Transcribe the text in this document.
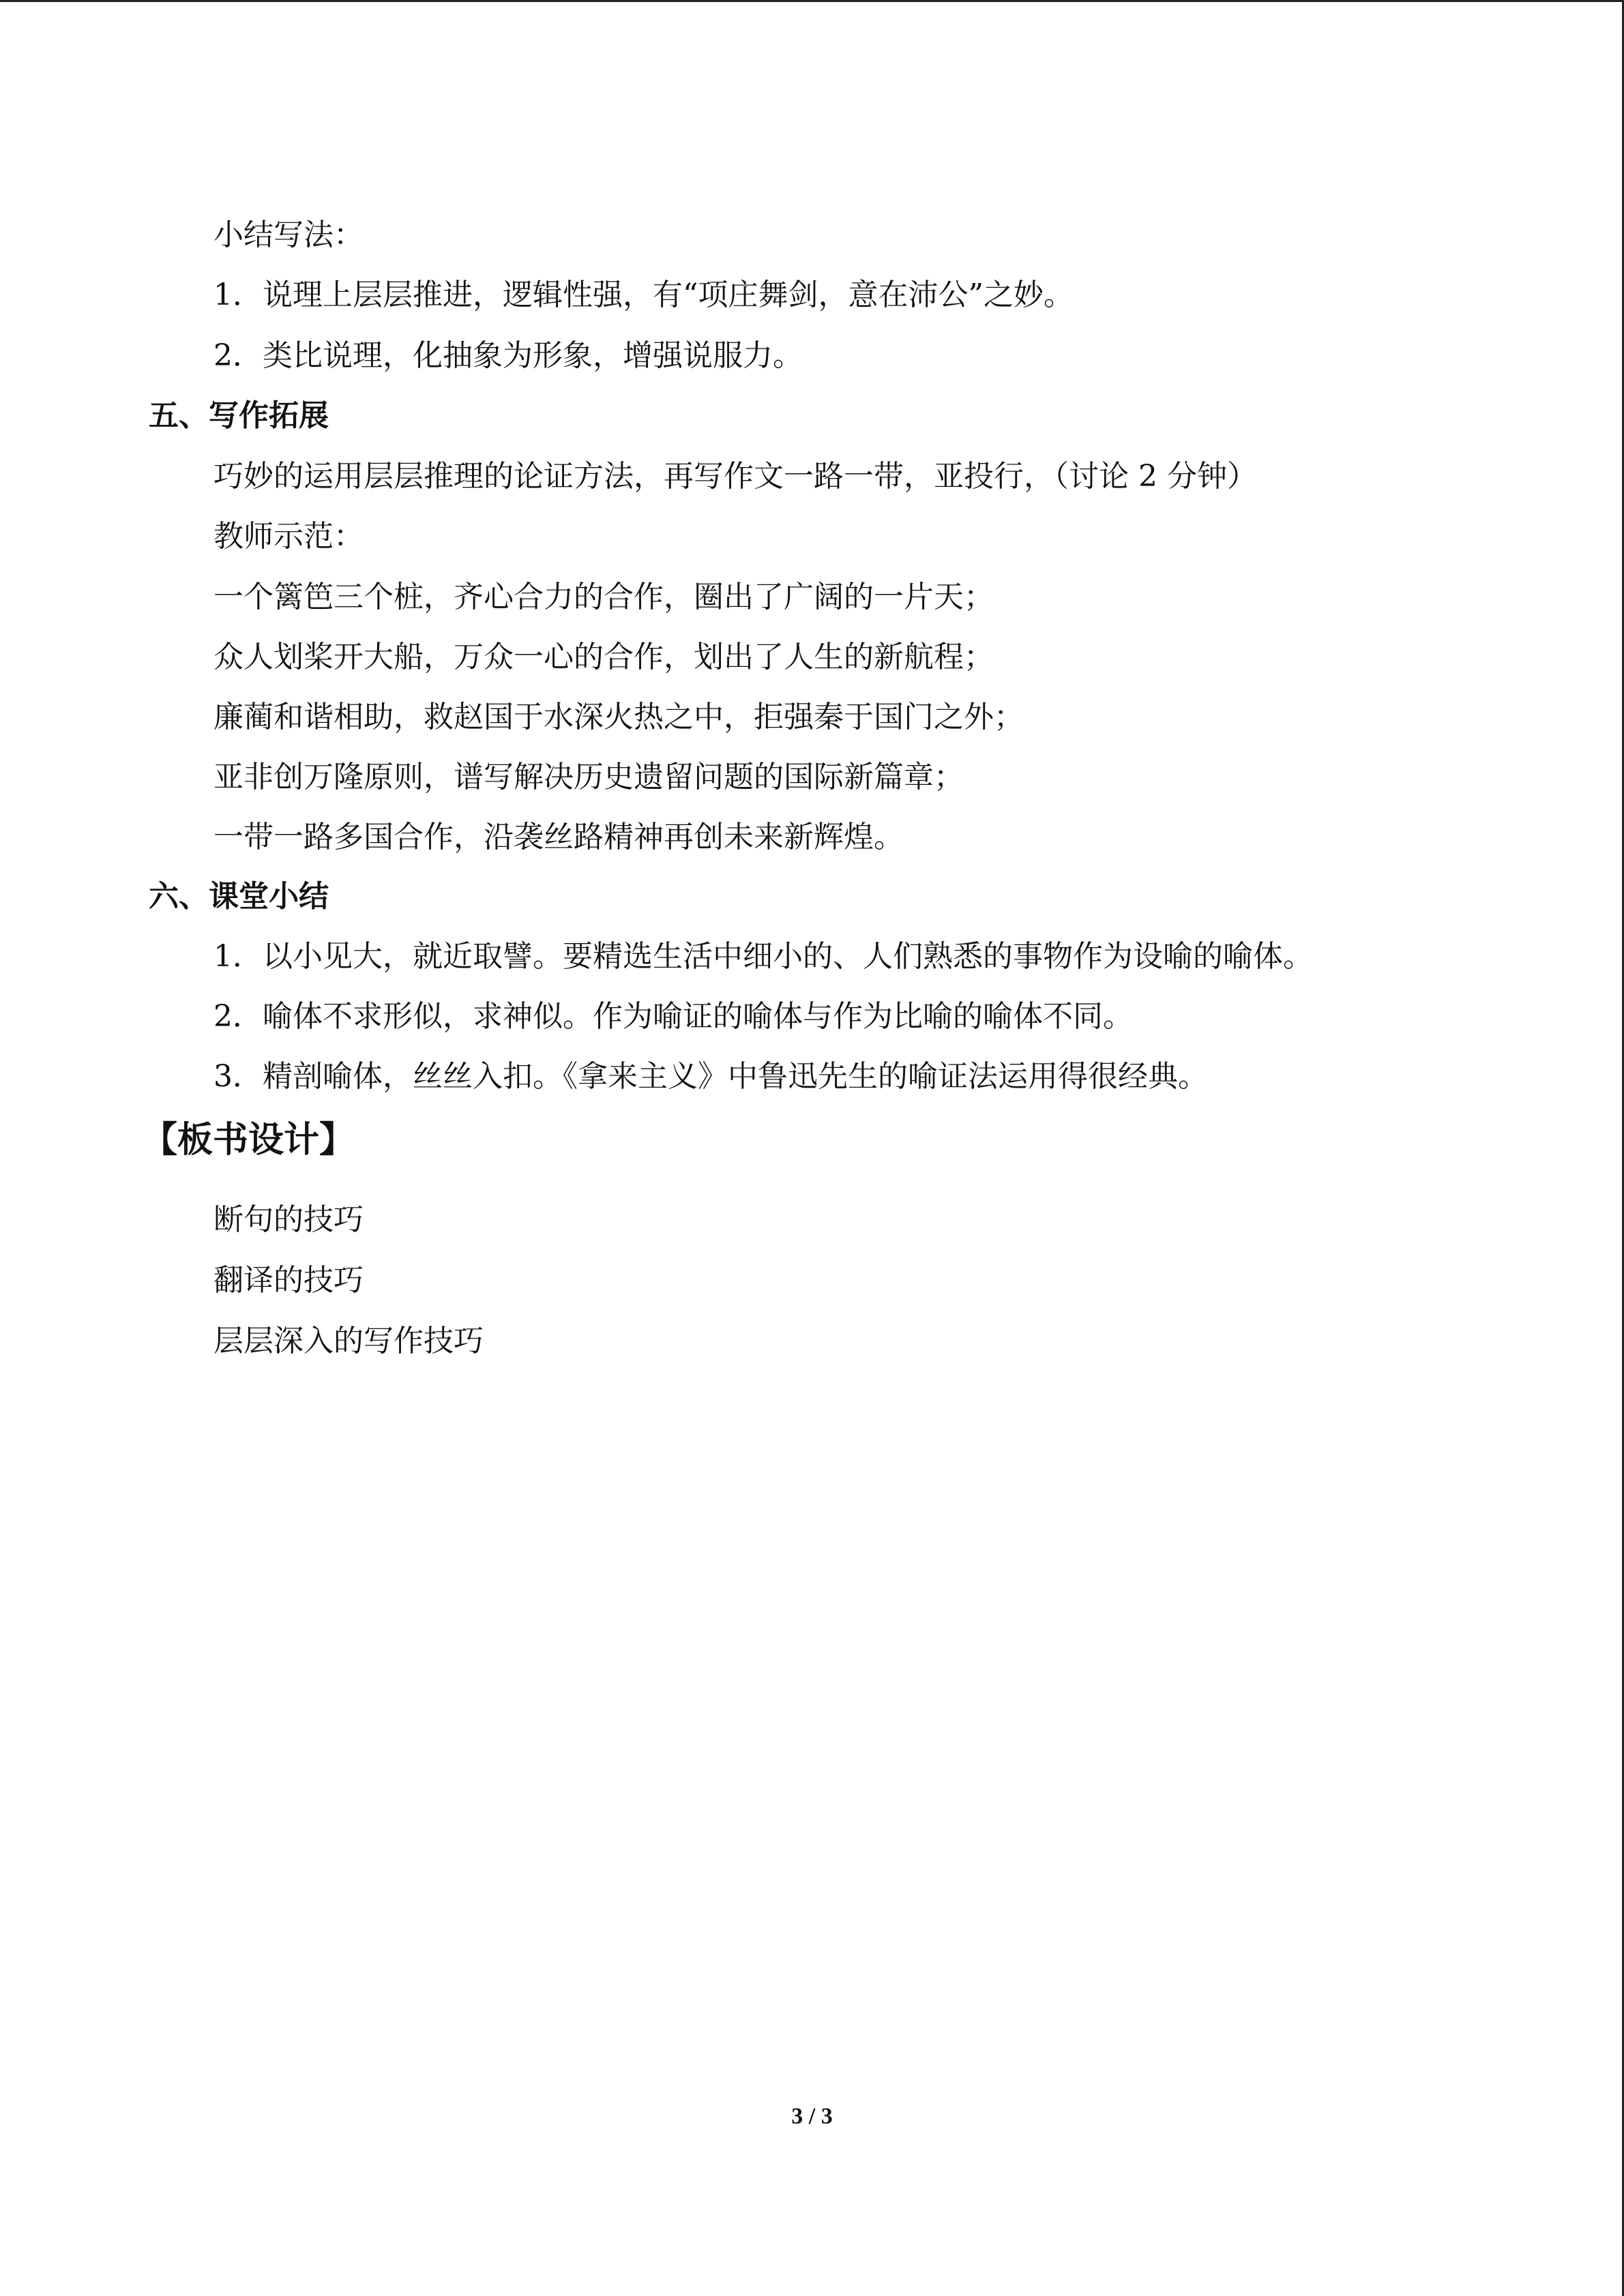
小结写法：
1．说理上层层推进，逻辑性强，有“项庄舞剑，意在沛公”之妙。
2．类比说理，化抽象为形象，增强说服力。
五、写作拓展
巧妙的运用层层推理的论证方法，再写作文一路一带，亚投行，（讨论 2 分钟）
教师示范：
一个篱笆三个桩，齐心合力的合作，圈出了广阔的一片天；
众人划桨开大船，万众一心的合作，划出了人生的新航程；
廉蔺和谐相助，救赵国于水深火热之中，拒强秦于国门之外；
亚非创万隆原则，谱写解决历史遗留问题的国际新篇章；
一带一路多国合作，沿袭丝路精神再创未来新辉煌。
六、课堂小结
1．以小见大，就近取譬。要精选生活中细小的、人们熟悉的事物作为设喻的喻体。
2．喻体不求形似，求神似。作为喻证的喻体与作为比喻的喻体不同。
3．精剖喻体，丝丝入扣。《拿来主义》中鲁迅先生的喻证法运用得很经典。
【板书设计】
断句的技巧
翻译的技巧
层层深入的写作技巧
3 / 3
